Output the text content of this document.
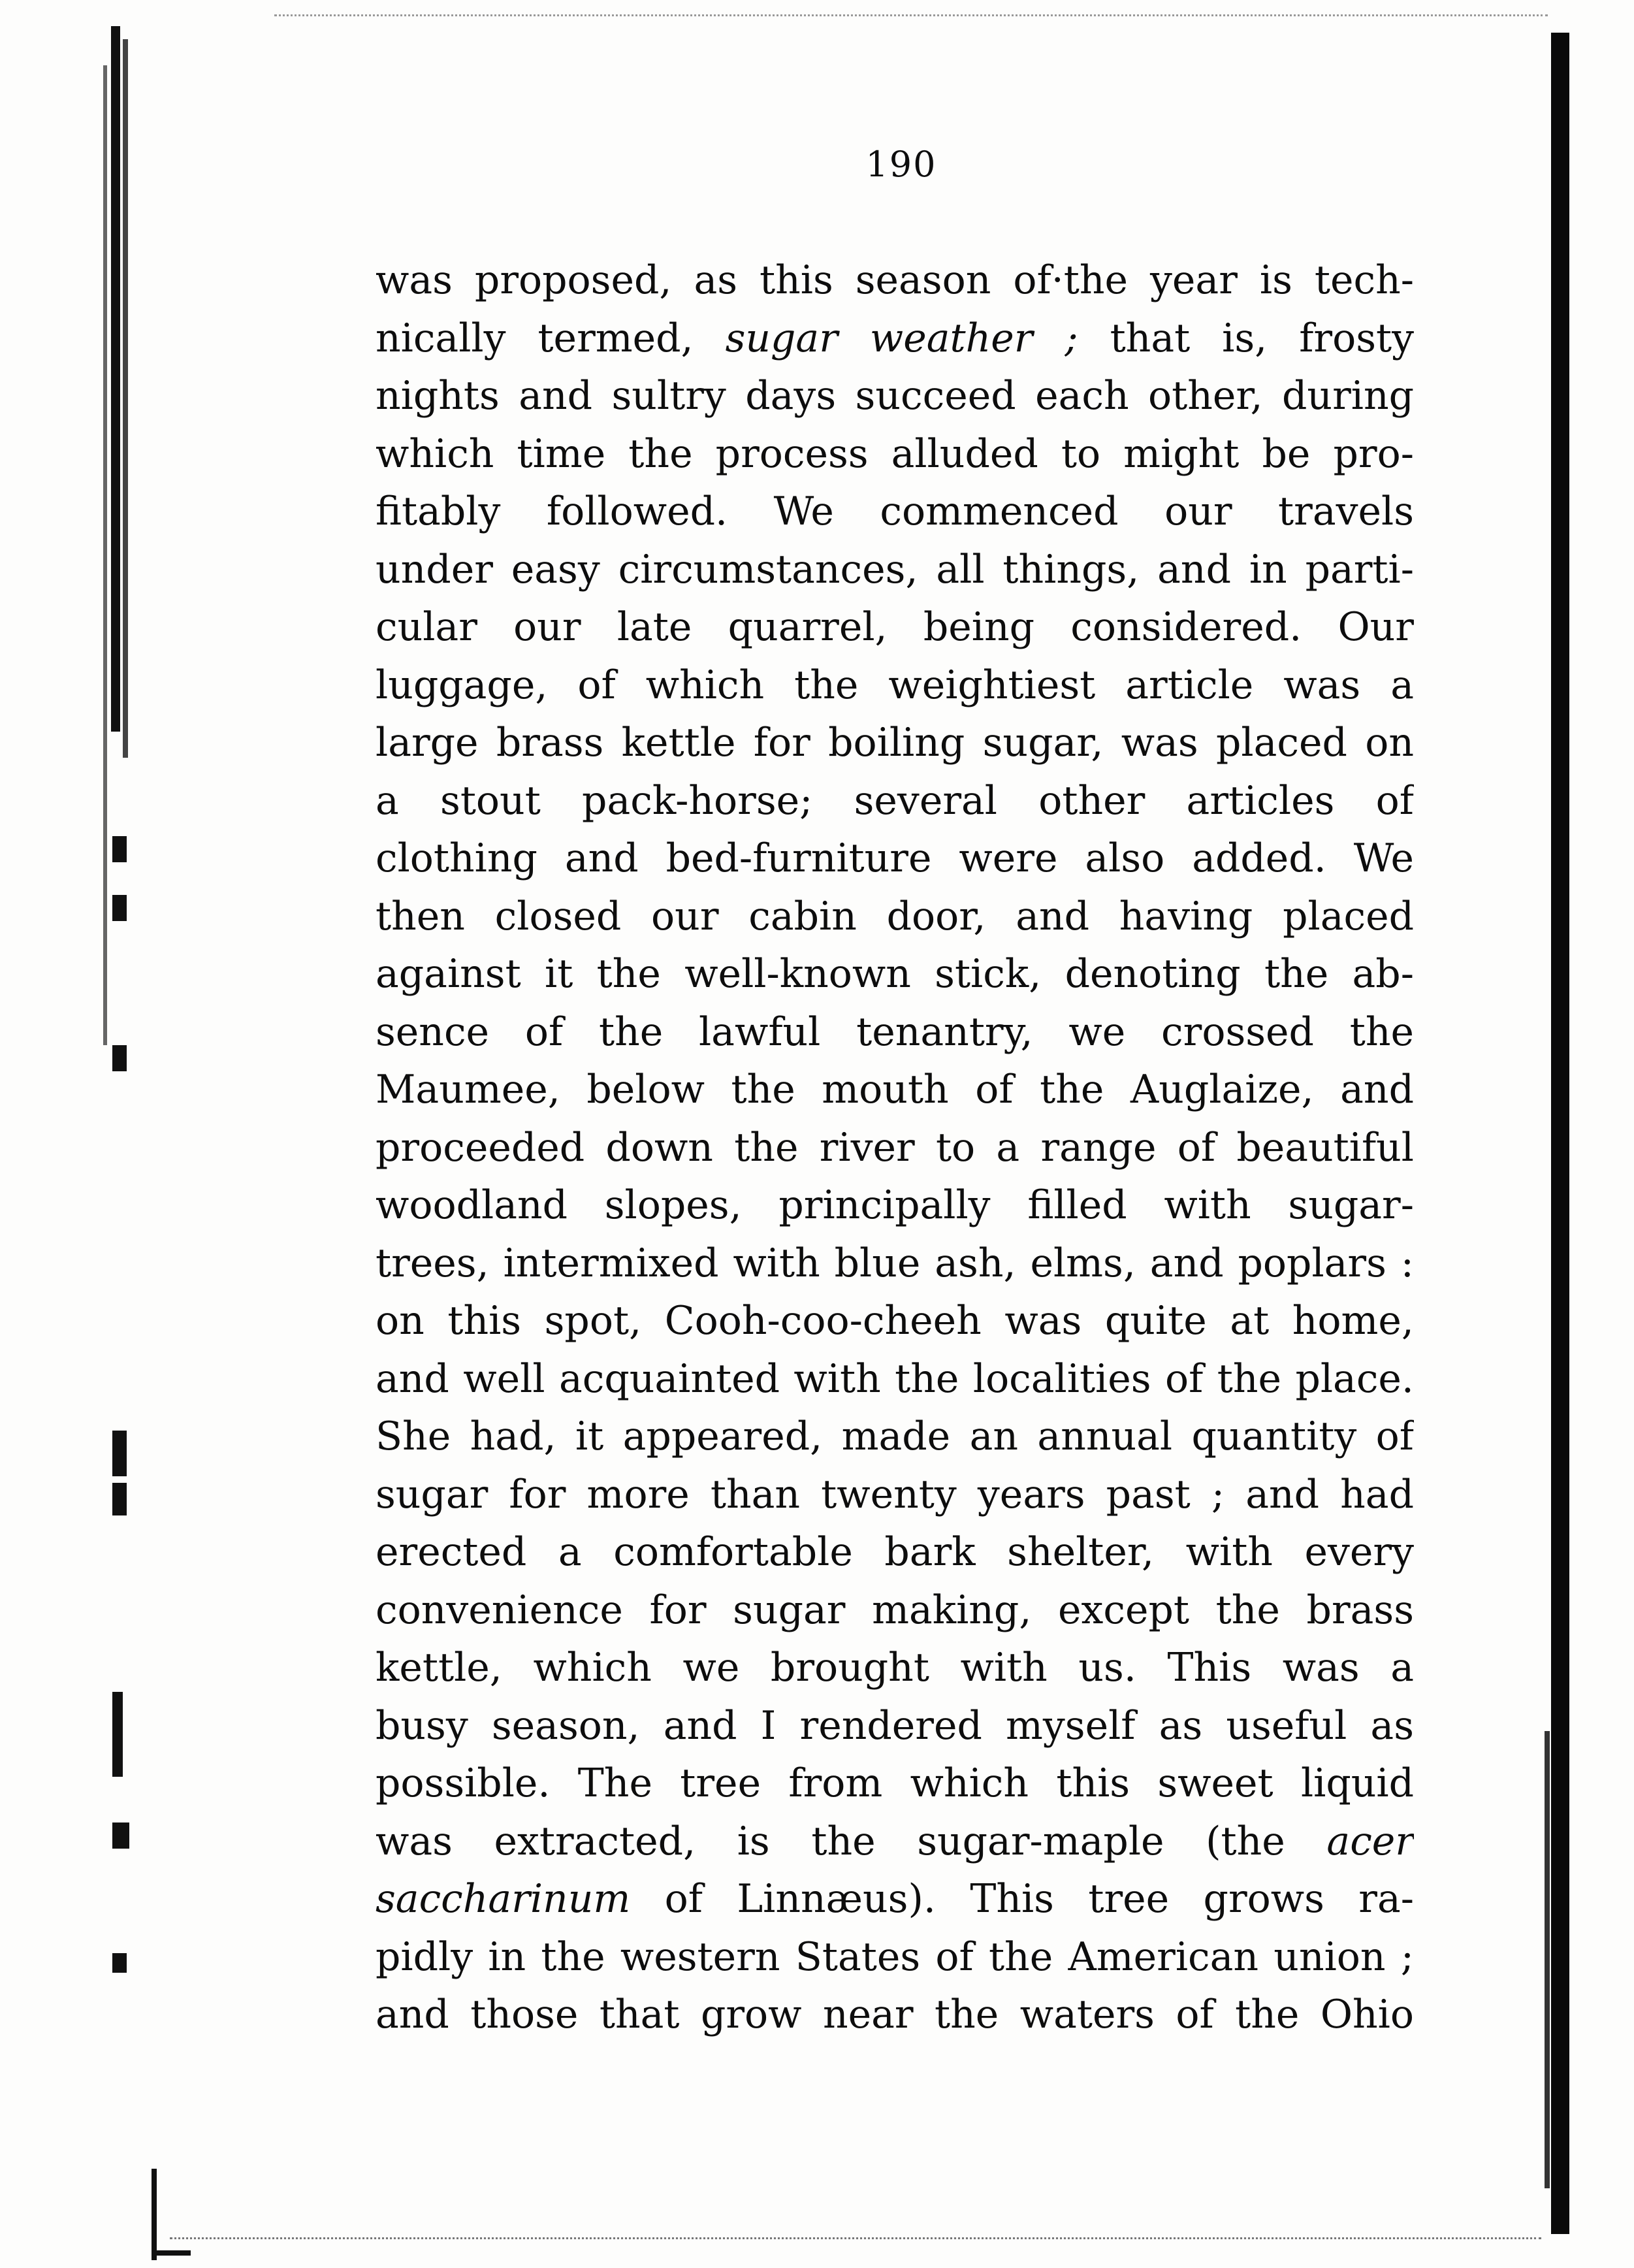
190
was proposed, as this season of·the year is tech-
nically termed, sugar weather ; that is, frosty
nights and sultry days succeed each other, during
which time the process alluded to might be pro-
fitably followed. We commenced our travels
under easy circumstances, all things, and in parti-
cular our late quarrel, being considered. Our
luggage, of which the weightiest article was a
large brass kettle for boiling sugar, was placed on
a stout pack-horse; several other articles of
clothing and bed-furniture were also added. We
then closed our cabin door, and having placed
against it the well-known stick, denoting the ab-
sence of the lawful tenantry, we crossed the
Maumee, below the mouth of the Auglaize, and
proceeded down the river to a range of beautiful
woodland slopes, principally filled with sugar-
trees, intermixed with blue ash, elms, and poplars :
on this spot, Cooh-coo-cheeh was quite at home,
and well acquainted with the localities of the place.
She had, it appeared, made an annual quantity of
sugar for more than twenty years past ; and had
erected a comfortable bark shelter, with every
convenience for sugar making, except the brass
kettle, which we brought with us. This was a
busy season, and I rendered myself as useful as
possible. The tree from which this sweet liquid
was extracted, is the sugar-maple (the acer
saccharinum of Linnæus). This tree grows ra-
pidly in the western States of the American union ;
and those that grow near the waters of the Ohio
